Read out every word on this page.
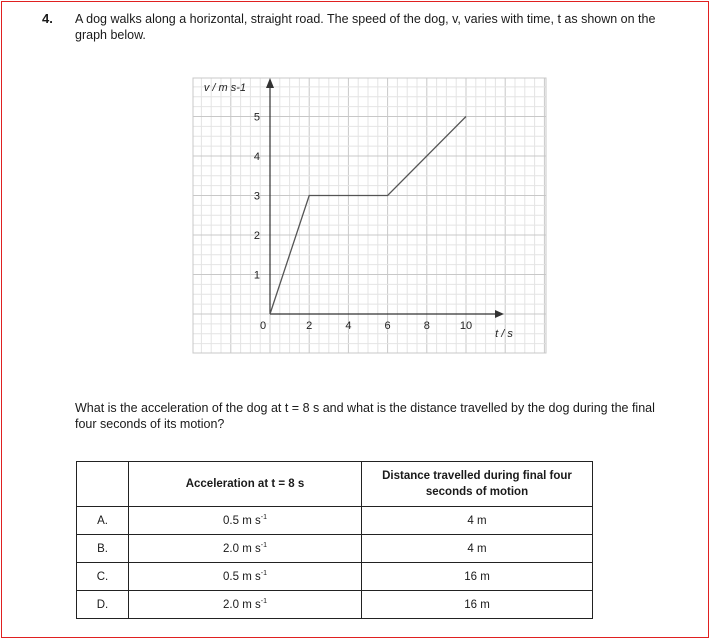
4. A dog walks along a horizontal, straight road. The speed of the dog, v, varies with time, t as shown on the graph below.
0	2	4	6	8	10
1
2
3
4
5
v / m s-1
t / s
What is the acceleration of the dog at t = 8 s and what is the distance travelled by the dog during the final four seconds of its motion?
	Acceleration at t = 8 s	Distance travelled during final four seconds of motion

A.	0.5 m $s^{-1}$	4 m
B.	2.0 m $s^{-1}$	4 m
C.	0.5 m $s^{-1}$	16 m
D.	2.0 m $s^{-1}$	16 m
